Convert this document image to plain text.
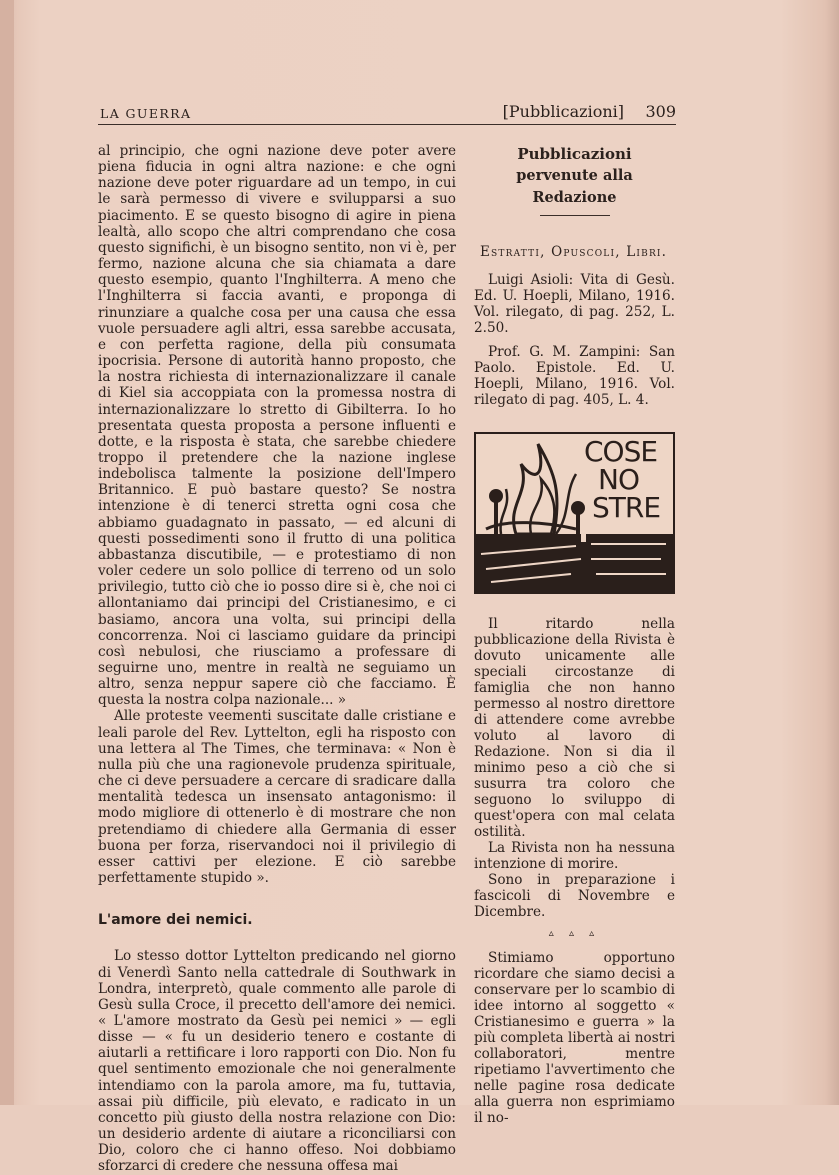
LA GUERRA	[Pubblicazioni] 309

al principio, che ogni nazione deve poter avere piena fiducia in ogni altra nazione: e che ogni nazione deve poter riguardare ad un tempo, in cui le sarà permesso di vivere e svilupparsi a suo piacimento. E se questo bisogno di agire in piena lealtà, allo scopo che altri comprendano che cosa questo significhi, è un bisogno sentito, non vi è, per fermo, nazione alcuna che sia chiamata a dare questo esempio, quanto l'Inghilterra. A meno che l'Inghilterra si faccia avanti, e proponga di rinunziare a qualche cosa per una causa che essa vuole persuadere agli altri, essa sarebbe accusata, e con perfetta ragione, della più consumata ipocrisia. Persone di autorità hanno proposto, che la nostra richiesta di internazionalizzare il canale di Kiel sia accoppiata con la promessa nostra di internazionalizzare lo stretto di Gibilterra. Io ho presentata questa proposta a persone influenti e dotte, e la risposta è stata, che sarebbe chiedere troppo il pretendere che la nazione inglese indebolisca talmente la posizione dell'Impero Britannico. E può bastare questo? Se nostra intenzione è di tenerci stretta ogni cosa che abbiamo guadagnato in passato, — ed alcuni di questi possedimenti sono il frutto di una politica abbastanza discutibile, — e protestiamo di non voler cedere un solo pollice di terreno od un solo privilegio, tutto ciò che io posso dire si è, che noi ci allontaniamo dai principi del Cristianesimo, e ci basiamo, ancora una volta, sui principi della concorrenza. Noi ci lasciamo guidare da principi così nebulosi, che riusciamo a professare di seguirne uno, mentre in realtà ne seguiamo un altro, senza neppur sapere ciò che facciamo. È questa la nostra colpa nazionale... »

Alle proteste veementi suscitate dalle cristiane e leali parole del Rev. Lyttelton, egli ha risposto con una lettera al The Times, che terminava: « Non è nulla più che una ragionevole prudenza spirituale, che ci deve persuadere a cercare di sradicare dalla mentalità tedesca un insensato antagonismo: il modo migliore di ottenerlo è di mostrare che non pretendiamo di chiedere alla Germania di esser buona per forza, riservandoci noi il privilegio di esser cattivi per elezione. E ciò sarebbe perfettamente stupido ».

L'amore dei nemici.

Lo stesso dottor Lyttelton predicando nel giorno di Venerdì Santo nella cattedrale di Southwark in Londra, interpretò, quale commento alle parole di Gesù sulla Croce, il precetto dell'amore dei nemici. « L'amore mostrato da Gesù pei nemici » — egli disse — « fu un desiderio tenero e costante di aiutarli a rettificare i loro rapporti con Dio. Non fu quel sentimento emozionale che noi generalmente intendiamo con la parola amore, ma fu, tuttavia, assai più difficile, più elevato, e radicato in un concetto più giusto della nostra relazione con Dio: un desiderio ardente di aiutare a riconciliarsi con Dio, coloro che ci hanno offeso. Noi dobbiamo sforzarci di credere che nessuna offesa mai

Pubblicazioni

pervenute alla Redazione

Estratti, Opuscoli, Libri.

Luigi Asioli: Vita di Gesù. Ed. U. Hoepli, Milano, 1916. Vol. rilegato, di pag. 252, L. 2.50.

Prof. G. M. Zampini: San Paolo. Epistole. Ed. U. Hoepli, Milano, 1916. Vol. rilegato di pag. 405, L. 4.

COSE
NO
STRE

Il ritardo nella pubblicazione della Rivista è dovuto unicamente alle speciali circostanze di famiglia che non hanno permesso al nostro direttore di attendere come avrebbe voluto al lavoro di Redazione. Non si dia il minimo peso a ciò che si susurra tra coloro che seguono lo sviluppo di quest'opera con mal celata ostilità.

La Rivista non ha nessuna intenzione di morire.

Sono in preparazione i fascicoli di Novembre e Dicembre.

▵ ▵ ▵

Stimiamo opportuno ricordare che siamo decisi a conservare per lo scambio di idee intorno al soggetto « Cristianesimo e guerra » la più completa libertà ai nostri collaboratori, mentre ripetiamo l'avvertimento che nelle pagine rosa dedicate alla guerra non esprimiamo il no-
